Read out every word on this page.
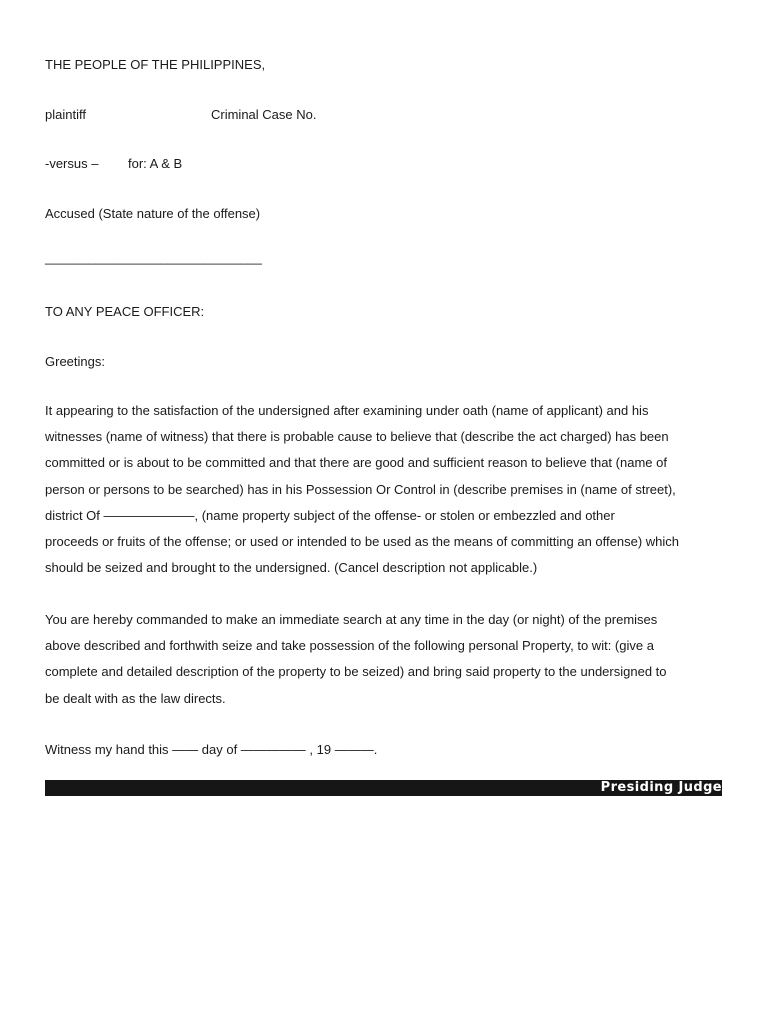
THE PEOPLE OF THE PHILIPPINES,
plaintiff	Criminal Case No.
-versus – for: A & B
Accused (State nature of the offense)
______________________________
TO ANY PEACE OFFICER:
Greetings:
It appearing to the satisfaction of the undersigned after examining under oath (name of applicant) and his
witnesses (name of witness) that there is probable cause to believe that (describe the act charged) has been
committed or is about to be committed and that there are good and sufficient reason to believe that (name of
person or persons to be searched) has in his Possession Or Control in (describe premises in (name of street),
district Of ———————, (name property subject of the offense- or stolen or embezzled and other
proceeds or fruits of the offense; or used or intended to be used as the means of committing an offense) which
should be seized and brought to the undersigned. (Cancel description not applicable.)
You are hereby commanded to make an immediate search at any time in the day (or night) of the premises
above described and forthwith seize and take possession of the following personal Property, to wit: (give a
complete and detailed description of the property to be seized) and bring said property to the undersigned to
be dealt with as the law directs.
Witness my hand this —— day of ————— , 19 ———.
Presiding Judge
